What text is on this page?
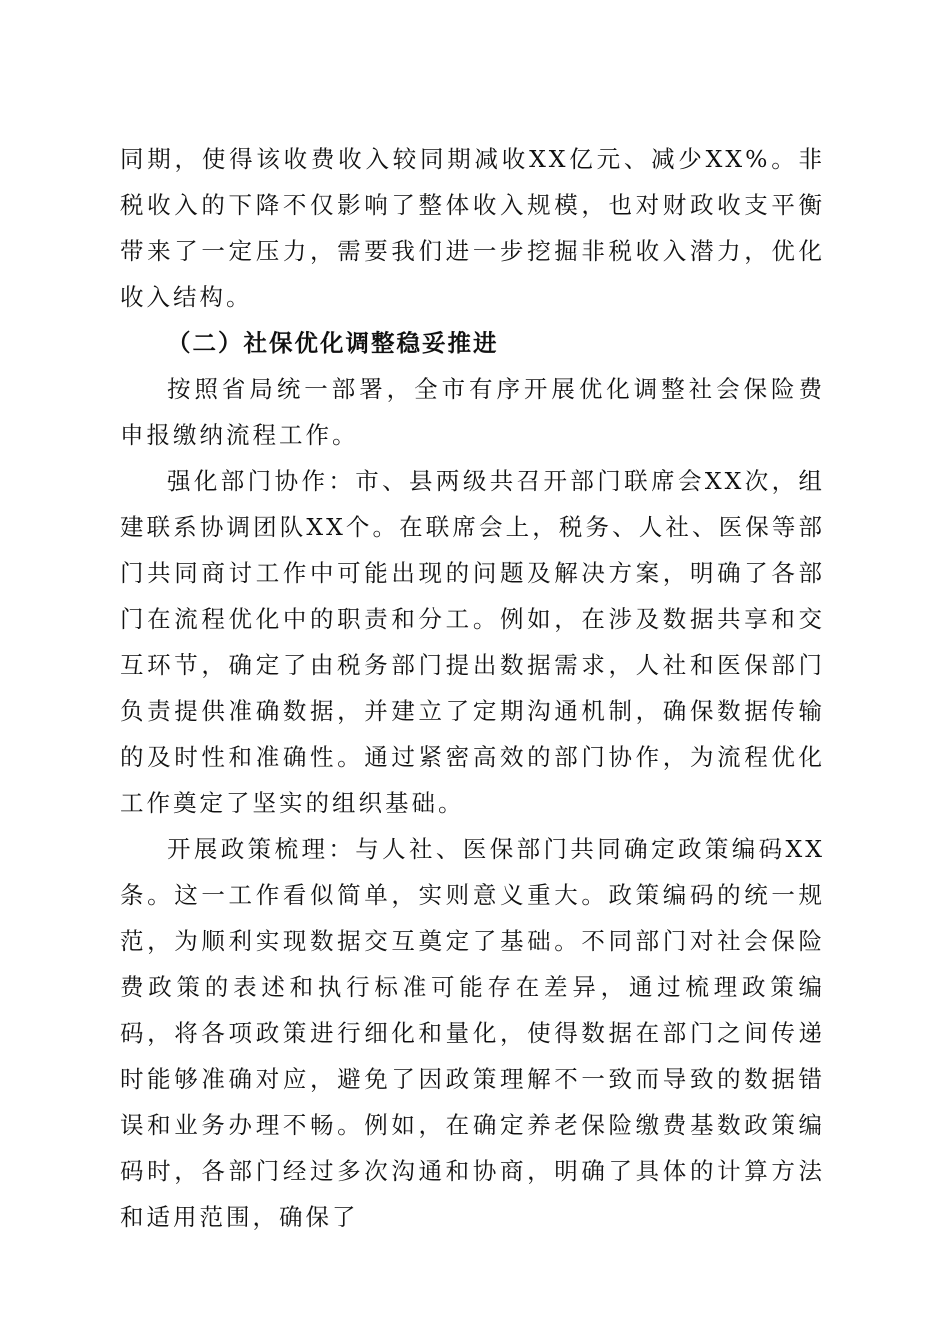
同期，使得该收费收入较同期减收XX亿元、减少XX%。非税收入的下降不仅影响了整体收入规模，也对财政收支平衡带来了一定压力，需要我们进一步挖掘非税收入潜力，优化收入结构。

（二）社保优化调整稳妥推进

按照省局统一部署，全市有序开展优化调整社会保险费申报缴纳流程工作。

强化部门协作：市、县两级共召开部门联席会XX次，组建联系协调团队XX个。在联席会上，税务、人社、医保等部门共同商讨工作中可能出现的问题及解决方案，明确了各部门在流程优化中的职责和分工。例如，在涉及数据共享和交互环节，确定了由税务部门提出数据需求，人社和医保部门负责提供准确数据，并建立了定期沟通机制，确保数据传输的及时性和准确性。通过紧密高效的部门协作，为流程优化工作奠定了坚实的组织基础。

开展政策梳理：与人社、医保部门共同确定政策编码XX条。这一工作看似简单，实则意义重大。政策编码的统一规范，为顺利实现数据交互奠定了基础。不同部门对社会保险费政策的表述和执行标准可能存在差异，通过梳理政策编码，将各项政策进行细化和量化，使得数据在部门之间传递时能够准确对应，避免了因政策理解不一致而导致的数据错误和业务办理不畅。例如，在确定养老保险缴费基数政策编码时，各部门经过多次沟通和协商，明确了具体的计算方法和适用范围，确保了
